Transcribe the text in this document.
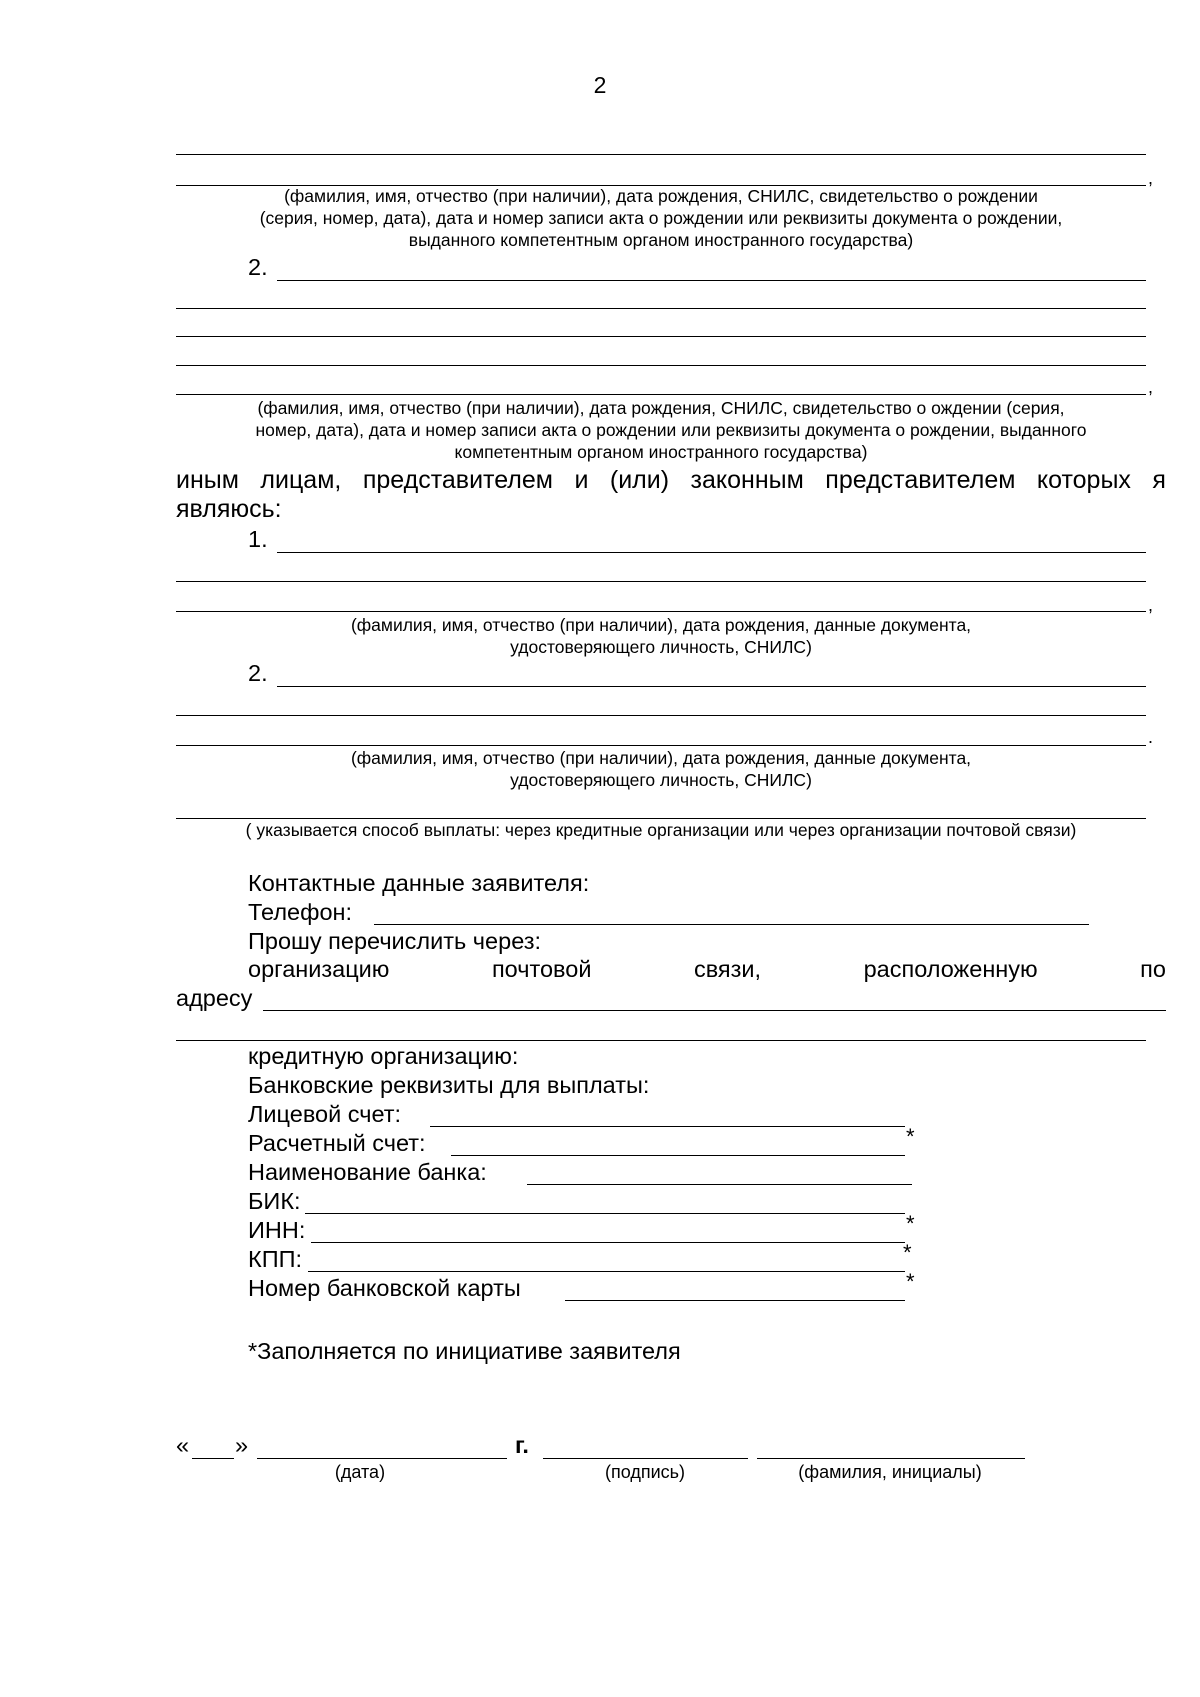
2
,
(фамилия, имя, отчество (при наличии), дата рождения, СНИЛС, свидетельство о рождении
(серия, номер, дата), дата и номер записи акта о рождении или реквизиты документа о рождении,
выданного компетентным органом иностранного государства)
2.
,
(фамилия, имя, отчество (при наличии), дата рождения, СНИЛС, свидетельство о ождении (серия,
номер, дата), дата и номер записи акта о рождении или реквизиты документа о рождении, выданного
компетентным органом иностранного государства)
иным лицам, представителем и (или) законным представителем которых я
являюсь:
1.
,
(фамилия, имя, отчество (при наличии), дата рождения, данные документа,
удостоверяющего личность, СНИЛС)
2.
.
(фамилия, имя, отчество (при наличии), дата рождения, данные документа,
удостоверяющего личность, СНИЛС)
( указывается способ выплаты: через кредитные организации или через организации почтовой связи)
Контактные данные заявителя:
Телефон:
Прошу перечислить через:
организацию	почтовой	связи,	расположенную	по
адресу
кредитную организацию:
Банковские реквизиты для выплаты:
Лицевой счет:
Расчетный счет:	*
Наименование банка:
БИК:
ИНН:	*
КПП:	*
Номер банковской карты	*
*Заполняется по инициативе заявителя
« »	г.
(дата)	(подпись)	(фамилия, инициалы)
